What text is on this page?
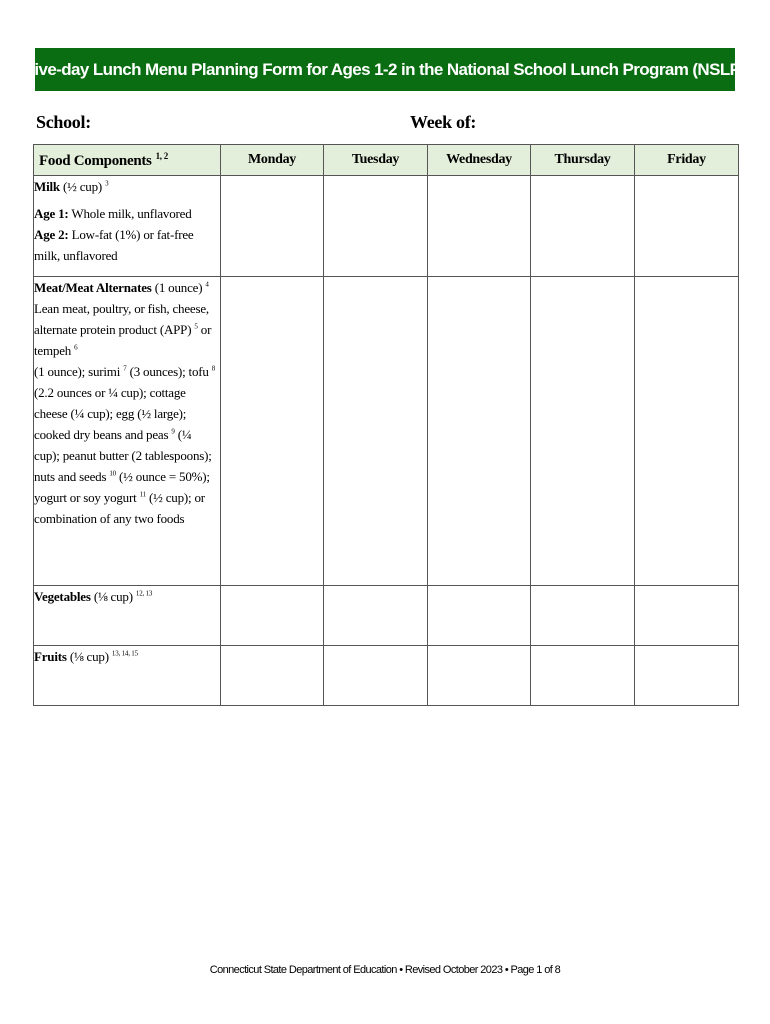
Five-day Lunch Menu Planning Form for Ages 1-2 in the National School Lunch Program (NSLP)
School:	Week of:
Food Components $^{1, 2}$	Monday	Tuesday	Wednesday	Thursday	Friday

Milk (½ cup) $^3$
Age 1: Whole milk, unflavored
Age 2: Low-fat (1%) or fat-free milk, unflavored					

Meat/Meat Alternates (1 ounce) $^4$ Lean meat, poultry, or fish, cheese, alternate protein product (APP) $^5$ or tempeh $^6$
(1 ounce); surimi $^7$ (3 ounces); tofu $^8$
(2.2 ounces or ¼ cup); cottage cheese (¼ cup); egg (½ large); cooked dry beans and peas $^9$ (¼ cup); peanut butter (2 tablespoons); nuts and seeds $^{10}$ (½ ounce = 50%); yogurt or soy yogurt $^{11}$ (½ cup); or combination of any two foods					
Vegetables (⅛ cup) $^{12, 13}$					
Fruits (⅛ cup) $^{13, 14, 15}$					
Connecticut State Department of Education • Revised October 2023 • Page 1 of 8
